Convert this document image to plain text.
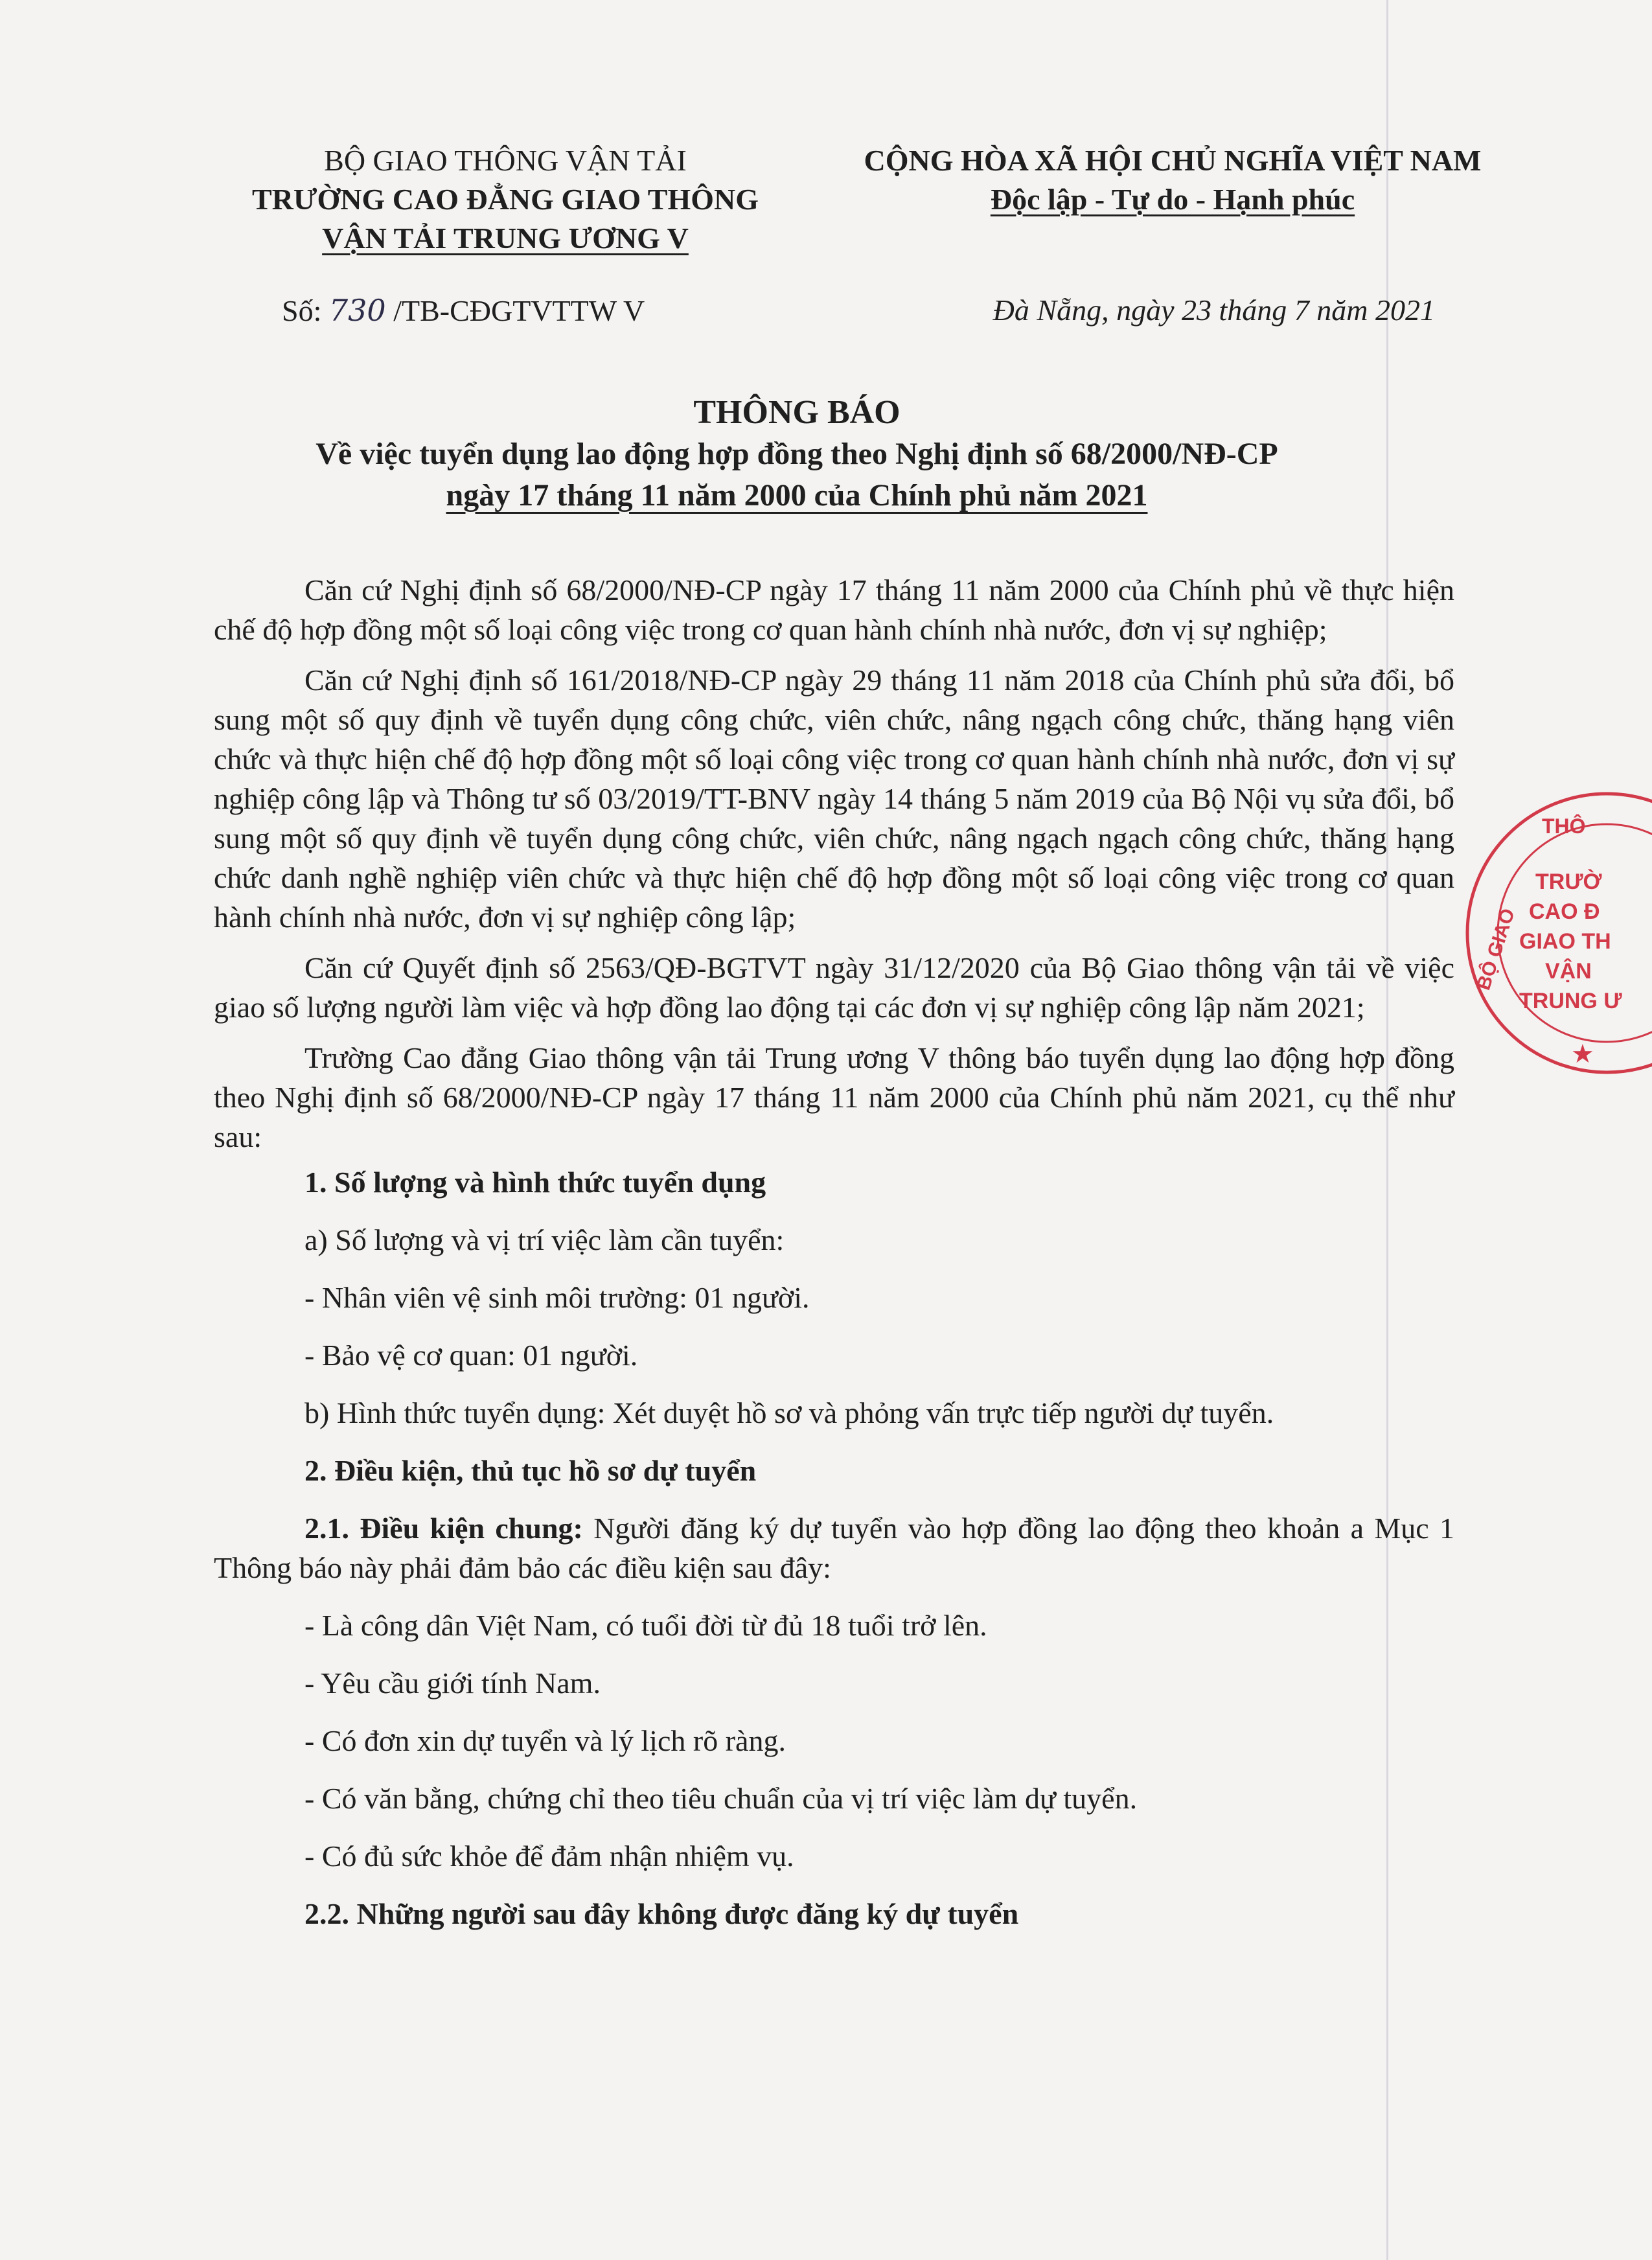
BỘ GIAO THÔNG VẬN TẢI
TRƯỜNG CAO ĐẲNG GIAO THÔNG
VẬN TẢI TRUNG ƯƠNG V
CỘNG HÒA XÃ HỘI CHỦ NGHĨA VIỆT NAM
Độc lập - Tự do - Hạnh phúc
Số: 730 /TB-CĐGTVTTW V	Đà Nẵng, ngày 23 tháng 7 năm 2021
THÔNG BÁO
Về việc tuyển dụng lao động hợp đồng theo Nghị định số 68/2000/NĐ-CP
ngày 17 tháng 11 năm 2000 của Chính phủ năm 2021

Căn cứ Nghị định số 68/2000/NĐ-CP ngày 17 tháng 11 năm 2000 của Chính phủ về thực hiện chế độ hợp đồng một số loại công việc trong cơ quan hành chính nhà nước, đơn vị sự nghiệp;

Căn cứ Nghị định số 161/2018/NĐ-CP ngày 29 tháng 11 năm 2018 của Chính phủ sửa đổi, bổ sung một số quy định về tuyển dụng công chức, viên chức, nâng ngạch công chức, thăng hạng viên chức và thực hiện chế độ hợp đồng một số loại công việc trong cơ quan hành chính nhà nước, đơn vị sự nghiệp công lập và Thông tư số 03/2019/TT-BNV ngày 14 tháng 5 năm 2019 của Bộ Nội vụ sửa đổi, bổ sung một số quy định về tuyển dụng công chức, viên chức, nâng ngạch ngạch công chức, thăng hạng chức danh nghề nghiệp viên chức và thực hiện chế độ hợp đồng một số loại công việc trong cơ quan hành chính nhà nước, đơn vị sự nghiệp công lập;

Căn cứ Quyết định số 2563/QĐ-BGTVT ngày 31/12/2020 của Bộ Giao thông vận tải về việc giao số lượng người làm việc và hợp đồng lao động tại các đơn vị sự nghiệp công lập năm 2021;

Trường Cao đẳng Giao thông vận tải Trung ương V thông báo tuyển dụng lao động hợp đồng theo Nghị định số 68/2000/NĐ-CP ngày 17 tháng 11 năm 2000 của Chính phủ năm 2021, cụ thể như sau:

1. Số lượng và hình thức tuyển dụng

a) Số lượng và vị trí việc làm cần tuyển:

- Nhân viên vệ sinh môi trường: 01 người.

- Bảo vệ cơ quan: 01 người.

b) Hình thức tuyển dụng: Xét duyệt hồ sơ và phỏng vấn trực tiếp người dự tuyển.

2. Điều kiện, thủ tục hồ sơ dự tuyển

2.1. Điều kiện chung: Người đăng ký dự tuyển vào hợp đồng lao động theo khoản a Mục 1 Thông báo này phải đảm bảo các điều kiện sau đây:

- Là công dân Việt Nam, có tuổi đời từ đủ 18 tuổi trở lên.

- Yêu cầu giới tính Nam.

- Có đơn xin dự tuyển và lý lịch rõ ràng.

- Có văn bằng, chứng chỉ theo tiêu chuẩn của vị trí việc làm dự tuyển.

- Có đủ sức khỏe để đảm nhận nhiệm vụ.

2.2. Những người sau đây không được đăng ký dự tuyển

THÔ
TRƯỜ
CAO Đ
GIAO TH
VẬN
TRUNG Ư
BỘ GIAO
★
